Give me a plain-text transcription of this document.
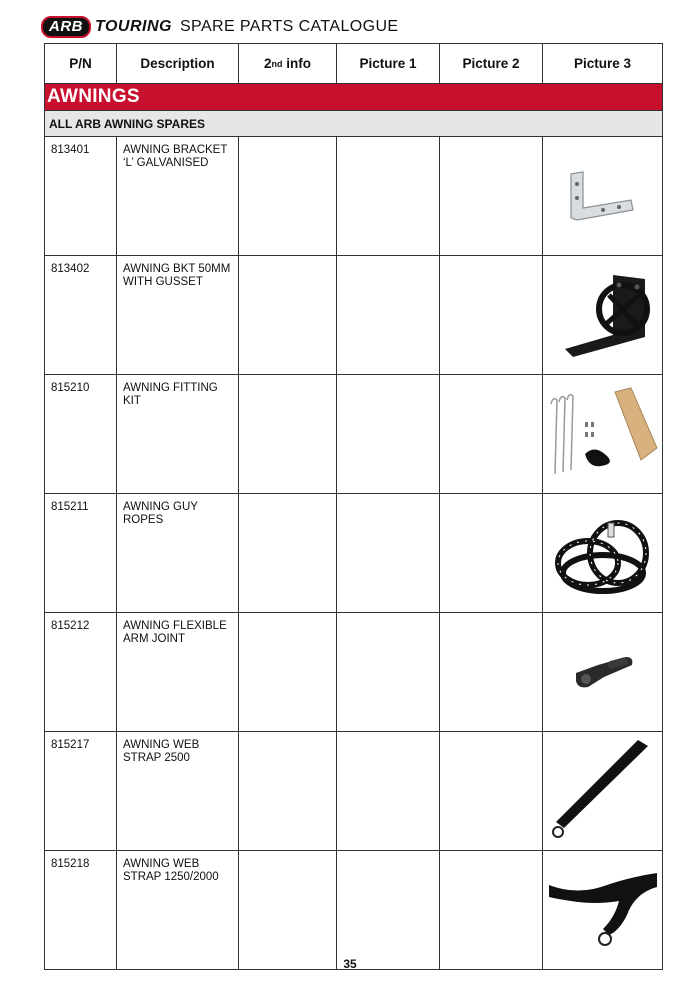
ARB TOURING SPARE PARTS CATALOGUE
P/N	Description	2 nd info	Picture 1	Picture 2	Picture 3
AWNINGS
ALL ARB AWNING SPARES
813401	AWNING BRACKET ‘L’ GALVANISED
813402	AWNING BKT 50MM WITH GUSSET
815210	AWNING FITTING KIT
815211	AWNING GUY ROPES
815212	AWNING FLEXIBLE ARM JOINT
815217	AWNING WEB STRAP 2500
815218	AWNING WEB STRAP 1250/2000
35
